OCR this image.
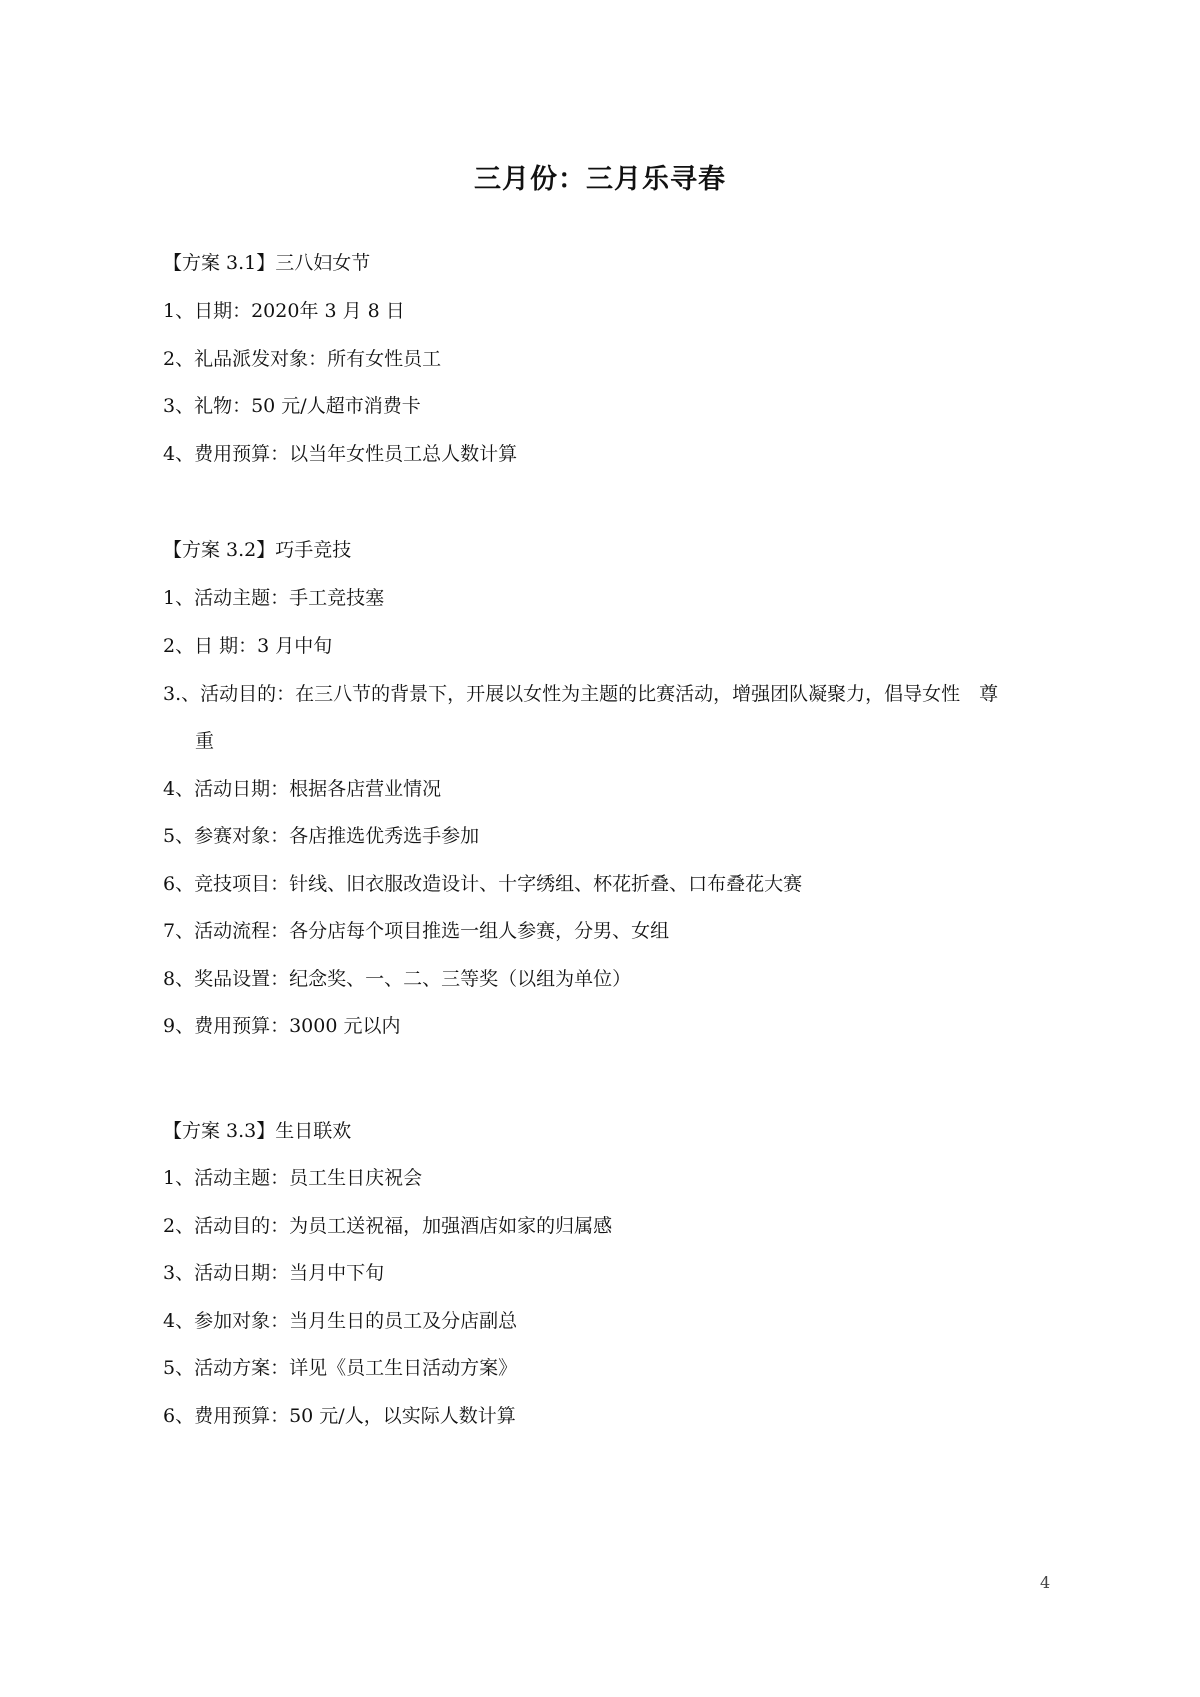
三月份：三月乐寻春
【方案 3.1】三八妇女节
1、日期：2020年 3 月 8 日
2、礼品派发对象：所有女性员工
3、礼物：50 元/人超市消费卡
4、费用预算：以当年女性员工总人数计算
【方案 3.2】巧手竞技
1、活动主题：手工竞技塞
2、日 期：3 月中旬
3.、活动目的：在三八节的背景下，开展以女性为主题的比赛活动，增强团队凝聚力，倡导女性　尊
重
4、活动日期：根据各店营业情况
5、参赛对象：各店推选优秀选手参加
6、竞技项目：针线、旧衣服改造设计、十字绣组、杯花折叠、口布叠花大赛
7、活动流程：各分店每个项目推选一组人参赛，分男、女组
8、奖品设置：纪念奖、一、二、三等奖（以组为单位）
9、费用预算：3000 元以内
【方案 3.3】生日联欢
1、活动主题：员工生日庆祝会
2、活动目的：为员工送祝福，加强酒店如家的归属感
3、活动日期：当月中下旬
4、参加对象：当月生日的员工及分店副总
5、活动方案：详见《员工生日活动方案》
6、费用预算：50 元/人，以实际人数计算
4
